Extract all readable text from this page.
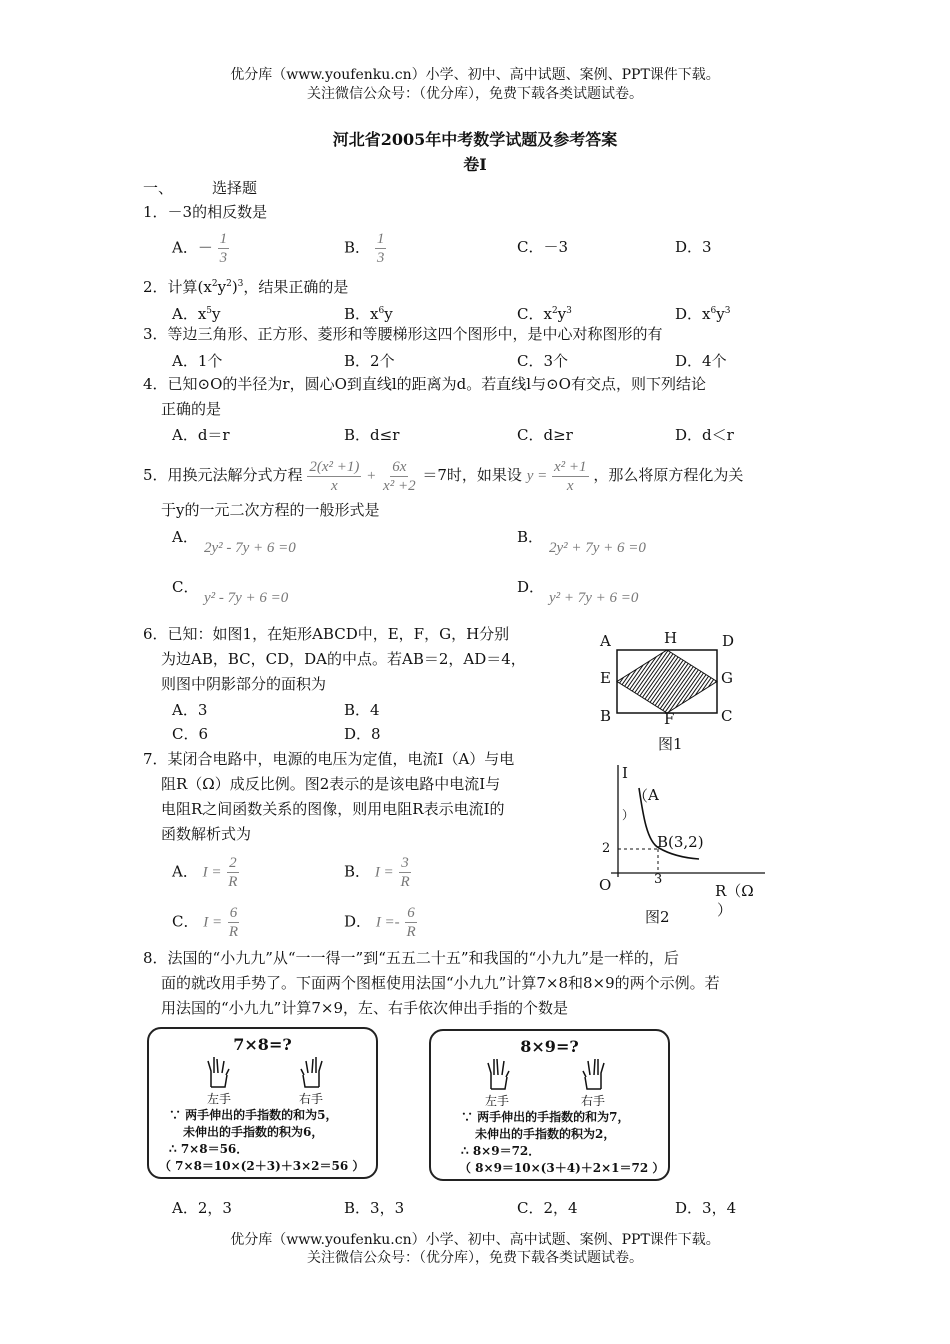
优分库（www.youfenku.cn）小学、初中、高中试题、案例、PPT课件下载。
关注微信公众号：（优分库），免费下载各类试题试卷。
河北省2005年中考数学试题及参考答案
卷Ⅰ
一、	选择题
1．－3的相反数是
A．－ $\frac{1}{3}$	B． $\frac{1}{3}$	C．－3	D．3
2．计算$(x^2y^2)^3$，结果正确的是
A．$x^5y$	B．$x^6y$	C．$x^2y^3$	D．$x^6y^3$
3．等边三角形、正方形、菱形和等腰梯形这四个图形中，是中心对称图形的有
A．1个	B．2个	C．3个	D．4个
4．已知⊙O的半径为r，圆心O到直线l的距离为d。若直线l与⊙O有交点，则下列结论
正确的是
A．d＝r	B．d≤r	C．d≥r	D．d＜r
5．用换元法解分式方程 $\frac{\text{2(x² +1)}}{x} + \frac{6x}{\text{x² +2}} =7$时，如果设 $y = \frac{\text{x² +1}}{x}$ ，那么将原方程化为关
于y的一元二次方程的一般形式是
A．
2y² - 7y + 6 =0
B．
2y² + 7y + 6 =0
C．
y² - 7y + 6 =0
D．
y² + 7y + 6 =0
6．已知：如图1，在矩形ABCD中，E，F，G，H分别
为边AB，BC，CD，DA的中点。若AB＝2，AD＝4，
则图中阴影部分的面积为
A．3	B．4
C．6	D．8
A	H	D
E	G
B	F	C
图1
7．某闭合电路中，电源的电压为定值，电流I（A）与电
阻R（Ω）成反比例。图2表示的是该电路中电流I与
电阻R之间函数关系的图像，则用电阻R表示电流I的
函数解析式为
A． $I = \frac{2}{R}$	B． $I = \frac{3}{R}$
C． $I = \frac{6}{R}$	D． $I =- \frac{6}{R}$
I
（ A
）
B(3,2)
2
3
O	R（Ω
）
图2
8．法国的“小九九”从“一一得一”到“五五二十五”和我国的“小九九”是一样的，后
面的就改用手势了。下面两个图框使用法国“小九九”计算7×8和8×9的两个示例。若
用法国的“小九九”计算7×9，左、右手依次伸出手指的个数是
7×8=?
左手	右手
∵ 两手伸出的手指数的和为5，
未伸出的手指数的积为6，
∴ 7×8＝56．
（ 7×8＝10×(2＋3)＋3×2＝56 ）
8×9=?
左手	右手
∵ 两手伸出的手指数的和为7，
未伸出的手指数的积为2，
∴ 8×9＝72．
（ 8×9＝10×(3＋4)＋2×1＝72 ）
A．2，3	B．3，3	C．2，4	D．3，4
优分库（www.youfenku.cn）小学、初中、高中试题、案例、PPT课件下载。
关注微信公众号：（优分库），免费下载各类试题试卷。
